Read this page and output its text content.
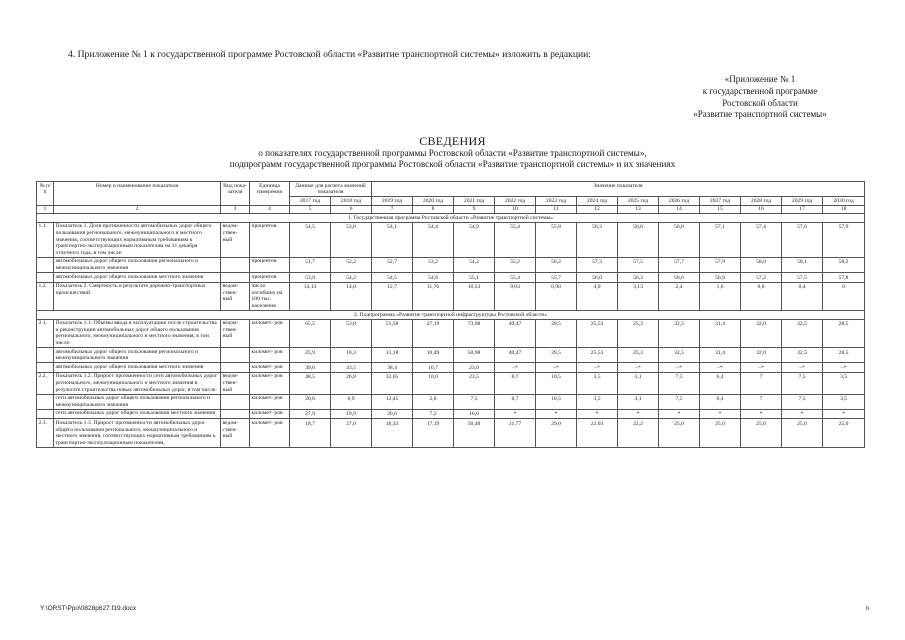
4. Приложение № 1 к государственной программе Ростовской области «Развитие транспортной системы» изложить в редакции:
«Приложение № 1
к государственной программе
Ростовской области
«Развитие транспортной системы»
СВЕДЕНИЯ
о показателях государственной программы Ростовской области «Развитие транспортной системы»,
подпрограмм государственной программы Ростовской области «Развитие транспортной системы» и их значениях
№ п/п	Номер и наименование показателя	Вид пока- зателя	Единица измерения	Данные для расчета значений показателя		Значение показателя											
				2017 год	2018 год	2019 год	2020 год	2021 год	2022 год	2023 год	2024 год	2025 год	2026 год	2027 год	2028 год	2029 год	2030 год
1	2	3	4	5	6	7	8	9	10	11	12	13	14	15	16	17	18
1. Государственная программа Ростовской области «Развитие транспортной системы»																	
1.1.	Показатель 1. Доля протяженности автомобильных дорог общего пользования регионального, межмуниципального и местного значения, соответствующих нормативным требованиям к транспортно-эксплуатационным показателям на 31 декабря отчетного года, в том числе:	ведом- ствен- ный	процентов	54,5	53,8	54,1	54,4	54,9	55,4	55,8	56,3	56,6	56,8	57,1	57,4	57,6	57,9
	автомобильных дорог общего пользования регионального и межмуниципального значения		процентов	51,7	52,2	52,7	53,2	54,2	55,2	56,2	57,3	57,5	57,7	57,9	58,0	58,1	58,2
	автомобильных дорог общего пользования местного значения		процентов	53,9	54,2	54,5	54,8	55,1	55,4	55,7	56,0	56,3	56,6	56,9	57,2	57,5	57,8
1.2.	Показатель 2. Смертность в результате дорожно-транспортных происшествий	ведом- ствен- ный	число погибших на 100 тыс. населения	14,13	14,0	12,7	11,76	10,53	9,03	6,90	4,0	3,13	2,4	1,6	0,8	0,4	0
2. Подпрограмма «Развитие транспортной инфраструктуры Ростовской области»																	
2.1.	Показатель 1.1. Объемы ввода в эксплуатацию после строительства и реконструкции автомобильных дорог общего пользования регионального, межмуниципального и местного значения, в том числе:	ведом- ствен- ный	километ- ров	65,5	53,8	51,58	27,19	73,98	40,47	39,5	25,53	25,3	32,5	31,4	32,0	32,5	28,5
	автомобильных дорог общего пользования регионального и межмуниципального значения		километ- ров	25,9	10,3	13,18	10,49	50,98	40,47	39,5	25,53	25,3	32,5	31,4	32,0	32,5	28,5
	автомобильных дорог общего пользования местного значения		километ- ров	39,6	43,5	38,4	16,7	23,0	–*	–*	–*	–*	–*	–*	–*	–*	–*
2.2.	Показатель 1.2. Прирост протяженности сети автомобильных дорог регионального, межмуниципального и местного значения в результате строительства новых автомобильных дорог, в том числе:	ведом- ствен- ный	километ- ров	48,5	26,8	33,05	10,0	23,5	8,7	10,5	3,5	3,1	7,5	6,4	7	7,5	3,5
	сети автомобильных дорог общего пользования регионального и межмуниципального значения		километ- ров	20,6	6,9	12,45	2,8	7,5	8,7	10,5	3,5	3,1	7,5	6,4	7	7,5	3,5
	сети автомобильных дорог общего пользования местного значения		километ- ров	27,9	19,9	20,6	7,2	16,0	*	*	*	*	*	*	*	*	*
2.3.	Показатель 1.3. Прирост протяженности автомобильных дорог общего пользования регионального, межмуниципального и местного значения, соответствующих нормативным требованиям к транспортно-эксплуатационным показателям,	ведом- ствен- ный	километ- ров	18,7	27,0	18,33	17,19	50,48	31,77	29,0	22,03	22,2	25,0	25,0	25,0	25,0	25,0
Y:\ORST\Ppo\0828p627.f19.docx	6
